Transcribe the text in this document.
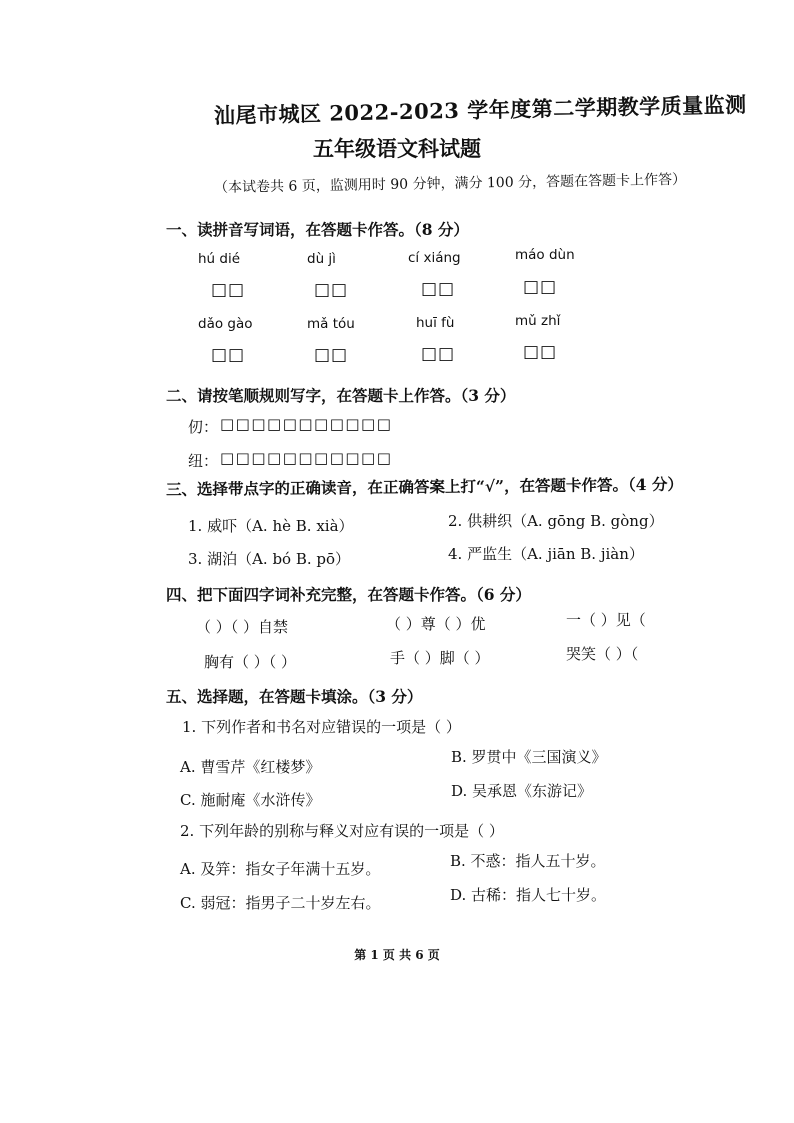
汕尾市城区 2022-2023 学年度第二学期教学质量监测
五年级语文科试题
（本试卷共 6 页，监测用时 90 分钟，满分 100 分，答题在答题卡上作答）
一、读拼音写词语，在答题卡作答。（8 分）
hú dié	dù jì	cí xiáng	máo dùn
□□	□□	□□	□□
dǎo gào	mǎ tóu	huī fù	mǔ zhǐ
□□	□□	□□	□□
二、请按笔顺规则写字，在答题卡上作答。（3 分）
仞： □□□□□□□□□□□
纽： □□□□□□□□□□□
三、选择带点字的正确读音，在正确答案上打“√”，在答题卡作答。（4 分）
1. 威吓（A. hè B. xià）	2. 供耕织（A. gōng B. gòng）
3. 湖泊（A. bó B. pō）	4. 严监生（A. jiān B. jiàn）
四、把下面四字词补充完整，在答题卡作答。（6 分）
（ ）（ ）自禁	（ ）尊（ ）优	一（ ）见（
胸有（ ）（ ）	手（ ）脚（ ）	哭笑（ ）（
五、选择题，在答题卡填涂。（3 分）
1. 下列作者和书名对应错误的一项是（ ）
A. 曹雪芹《红楼梦》
B. 罗贯中《三国演义》
C. 施耐庵《水浒传》	D. 吴承恩《东游记》
2. 下列年龄的别称与释义对应有误的一项是（ ）
A. 及笄：指女子年满十五岁。	B. 不惑：指人五十岁。
C. 弱冠：指男子二十岁左右。	D. 古稀：指人七十岁。
第 1 页 共 6 页
